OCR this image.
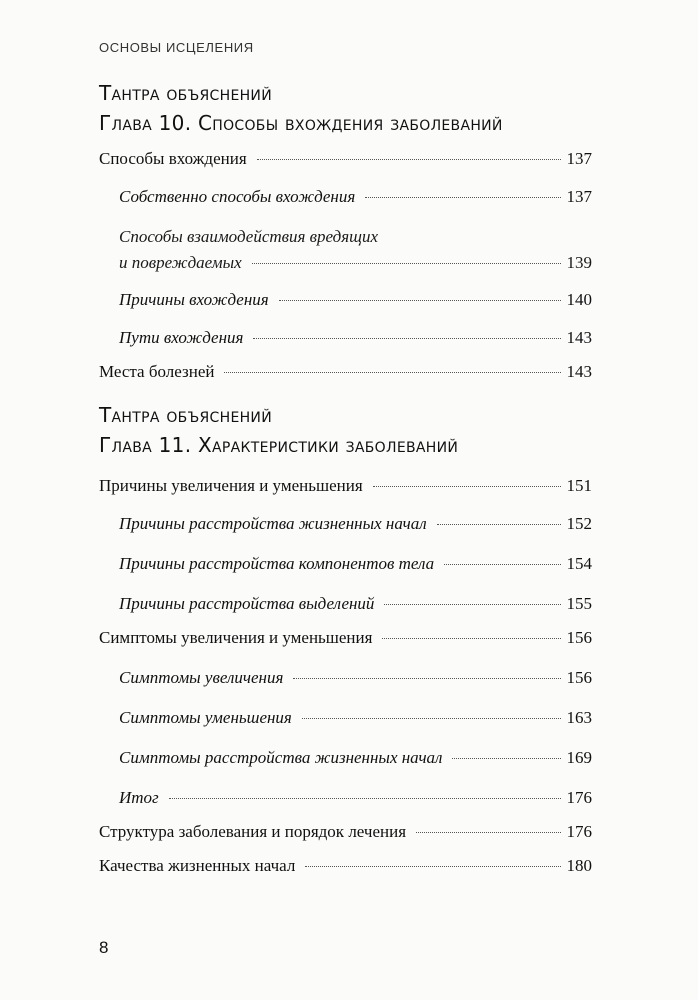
ОСНОВЫ ИСЦЕЛЕНИЯ
Тантра объяснений
Глава 10. Способы вхождения заболеваний
Способы вхождения	137
Собственно способы вхождения	137
Способы взаимодействия вредящих
и повреждаемых	139
Причины вхождения	140
Пути вхождения	143
Места болезней	143
Тантра объяснений
Глава 11. Характеристики заболеваний
Причины увеличения и уменьшения	151
Причины расстройства жизненных начал	152
Причины расстройства компонентов тела	154
Причины расстройства выделений	155
Симптомы увеличения и уменьшения	156
Симптомы увеличения	156
Симптомы уменьшения	163
Симптомы расстройства жизненных начал	169
Итог	176
Структура заболевания и порядок лечения	176
Качества жизненных начал	180
8
